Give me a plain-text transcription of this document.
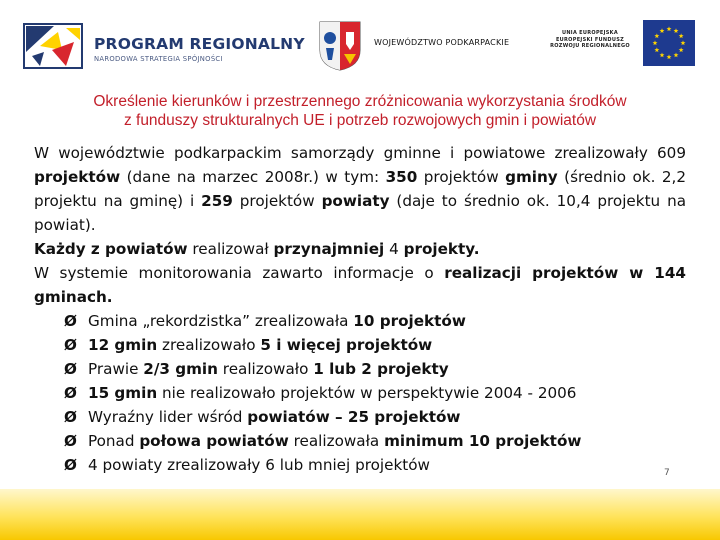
PROGRAM REGIONALNY
NARODOWA STRATEGIA SPÓJNOŚCI
WOJEWÓDZTWO PODKARPACKIE
UNIA EUROPEJSKA
EUROPEJSKI FUNDUSZ
ROZWOJU REGIONALNEGO
Określenie kierunków i przestrzennego zróżnicowania wykorzystania środków
z funduszy strukturalnych UE i potrzeb rozwojowych gmin i powiatów

W województwie podkarpackim samorządy gminne i powiatowe zrealizowały 609 projektów (dane na marzec 2008r.) w tym: 350 projektów gminy (średnio ok. 2,2 projektu na gminę) i 259 projektów powiaty (daje to średnio ok. 10,4 projektu na powiat).

Każdy z powiatów realizował przynajmniej 4 projekty.

W systemie monitorowania zawarto informacje o realizacji projektów w 144 gminach.

Ø Gmina „rekordzistka” zrealizowała 10 projektów
Ø 12 gmin zrealizowało 5 i więcej projektów
Ø Prawie 2/3 gmin realizowało 1 lub 2 projekty
Ø 15 gmin nie realizowało projektów w perspektywie 2004 - 2006
Ø Wyraźny lider wśród powiatów – 25 projektów
Ø Ponad połowa powiatów realizowała minimum 10 projektów
Ø 4 powiaty zrealizowały 6 lub mniej projektów	7
